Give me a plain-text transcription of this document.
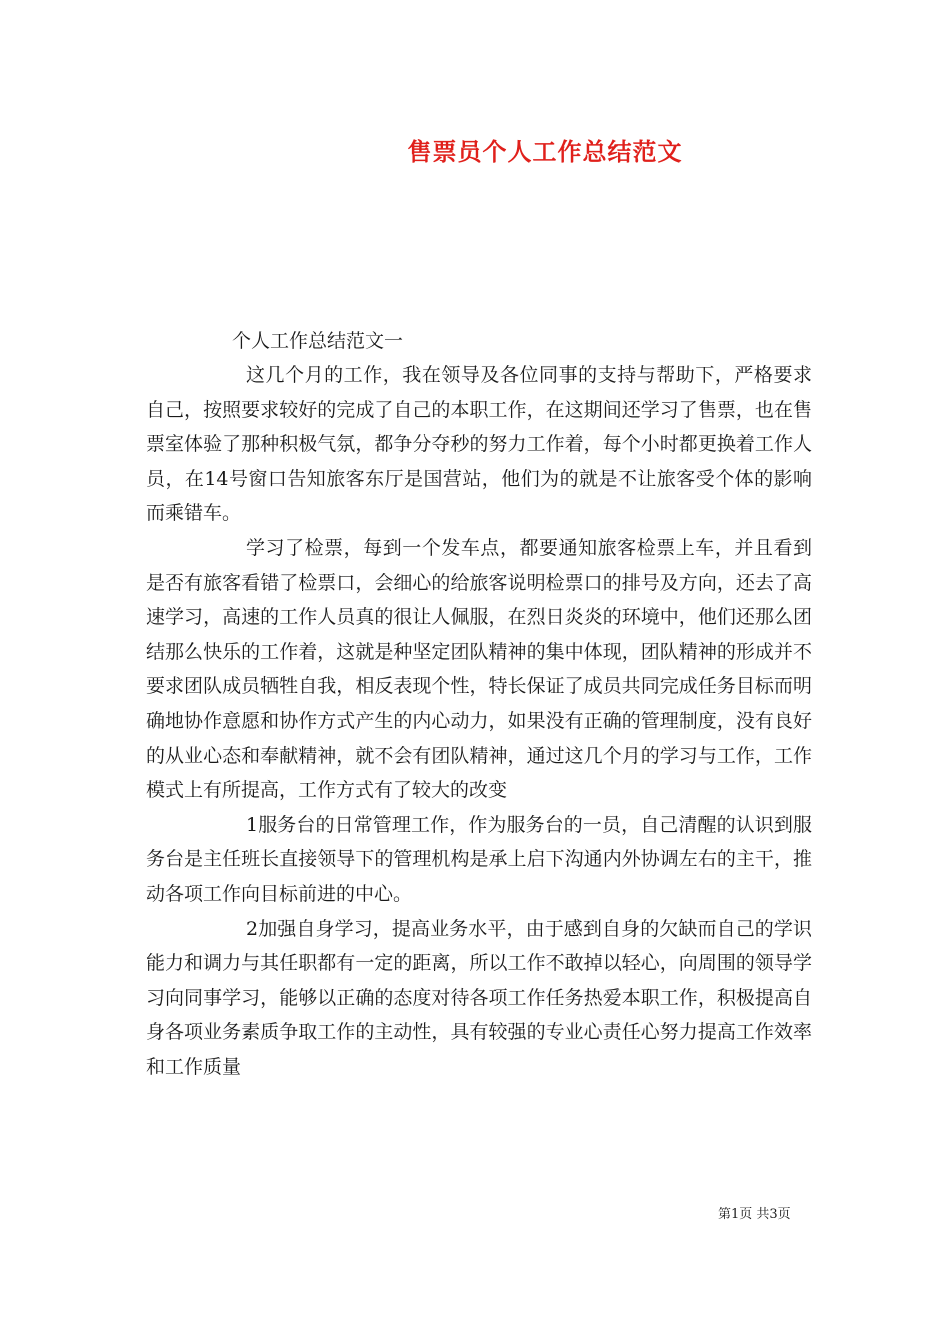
售票员个人工作总结范文

个人工作总结范文一

这几个月的工作，我在领导及各位同事的支持与帮助下，严格要求自己，按照要求较好的完成了自己的本职工作，在这期间还学习了售票，也在售票室体验了那种积极气氛，都争分夺秒的努力工作着，每个小时都更换着工作人员，在14号窗口告知旅客东厅是国营站，他们为的就是不让旅客受个体的影响而乘错车。

学习了检票，每到一个发车点，都要通知旅客检票上车，并且看到是否有旅客看错了检票口，会细心的给旅客说明检票口的排号及方向，还去了高速学习，高速的工作人员真的很让人佩服，在烈日炎炎的环境中，他们还那么团结那么快乐的工作着，这就是种坚定团队精神的集中体现，团队精神的形成并不要求团队成员牺牲自我，相反表现个性，特长保证了成员共同完成任务目标而明确地协作意愿和协作方式产生的内心动力，如果没有正确的管理制度，没有良好的从业心态和奉献精神，就不会有团队精神，通过这几个月的学习与工作，工作模式上有所提高，工作方式有了较大的改变

1服务台的日常管理工作，作为服务台的一员，自己清醒的认识到服务台是主任班长直接领导下的管理机构是承上启下沟通内外协调左右的主干，推动各项工作向目标前进的中心。

2加强自身学习，提高业务水平，由于感到自身的欠缺而自己的学识能力和调力与其任职都有一定的距离，所以工作不敢掉以轻心，向周围的领导学习向同事学习，能够以正确的态度对待各项工作任务热爱本职工作，积极提高自身各项业务素质争取工作的主动性，具有较强的专业心责任心努力提高工作效率和工作质量

第1页 共3页
